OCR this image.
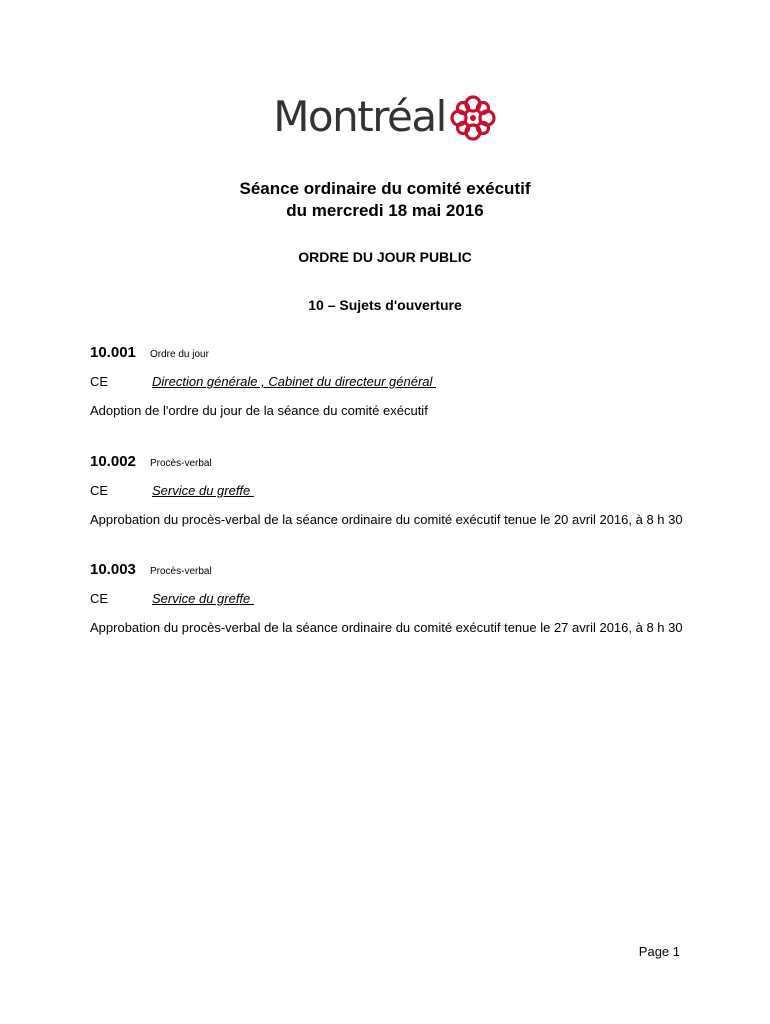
Montréal
Séance ordinaire du comité exécutif
du mercredi 18 mai 2016
ORDRE DU JOUR PUBLIC
10 – Sujets d'ouverture
10.001	Ordre du jour
CE	Direction générale , Cabinet du directeur général
Adoption de l'ordre du jour de la séance du comité exécutif
10.002	Procès-verbal
CE	Service du greffe
Approbation du procès-verbal de la séance ordinaire du comité exécutif tenue le 20 avril 2016, à 8 h 30
10.003	Procès-verbal
CE	Service du greffe
Approbation du procès-verbal de la séance ordinaire du comité exécutif tenue le 27 avril 2016, à 8 h 30
Page 1
